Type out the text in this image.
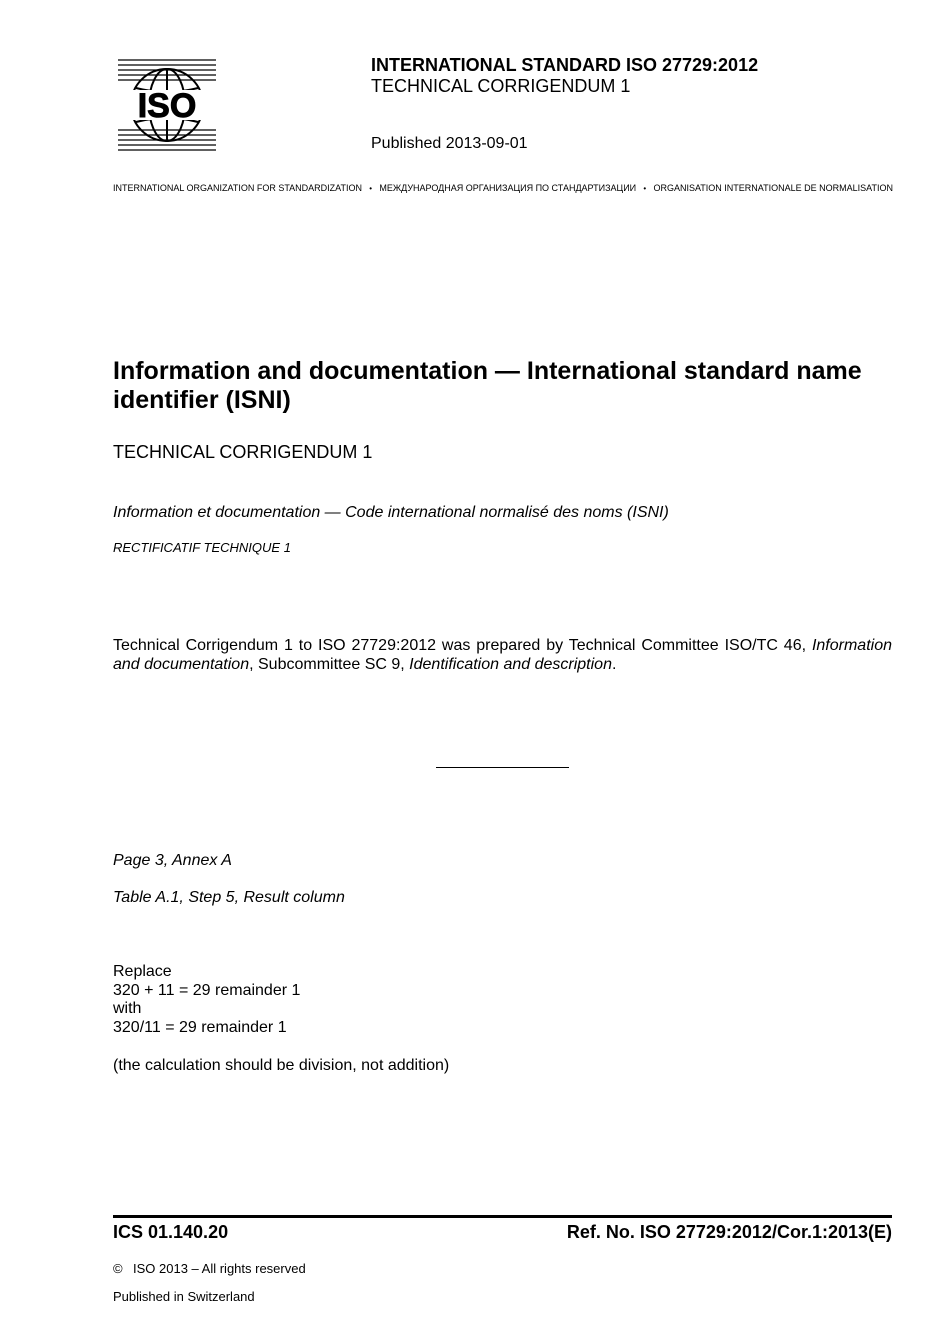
ISO
INTERNATIONAL STANDARD ISO 27729:2012
TECHNICAL CORRIGENDUM 1
Published 2013-09-01
INTERNATIONAL ORGANIZATION FOR STANDARDIZATION • МЕЖДУНАРОДНАЯ ОРГАНИЗАЦИЯ ПО СТАНДАРТИЗАЦИИ • ORGANISATION INTERNATIONALE DE NORMALISATION
Information and documentation — International standard name identifier (ISNI)
TECHNICAL CORRIGENDUM 1
Information et documentation — Code international normalisé des noms (ISNI)
RECTIFICATIF TECHNIQUE 1
Technical Corrigendum 1 to ISO 27729:2012 was prepared by Technical Committee ISO/TC 46, Information and documentation, Subcommittee SC 9, Identification and description.
Page 3, Annex A
Table A.1, Step 5, Result column
Replace
320 + 11 = 29 remainder 1
with
320/11 = 29 remainder 1
(the calculation should be division, not addition)
ICS 01.140.20	Ref. No. ISO 27729:2012/Cor.1:2013(E)
© ISO 2013 – All rights reserved
Published in Switzerland
